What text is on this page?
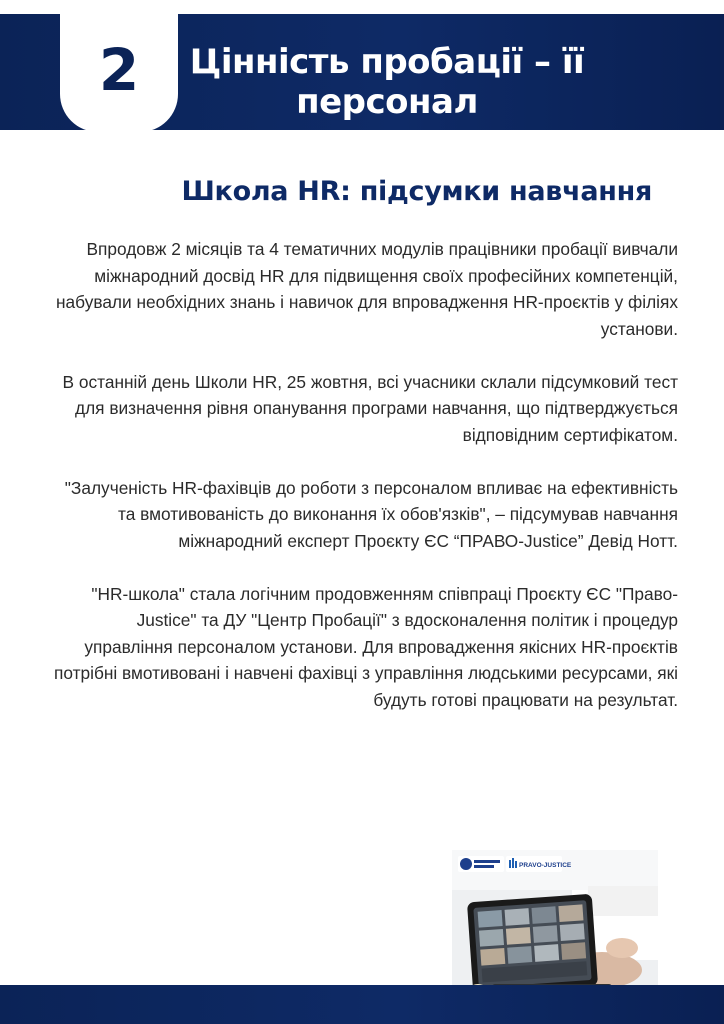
2 Цінність пробації – її персонал
Школа HR: підсумки навчання

Впродовж 2 місяців та 4 тематичних модулів працівники пробації вивчали міжнародний досвід HR для підвищення своїх професійних компетенцій, набували необхідних знань і навичок для впровадження HR-проєктів у філіях установи.

В останній день Школи HR, 25 жовтня, всі учасники склали підсумковий тест для визначення рівня опанування програми навчання, що підтверджується відповідним сертифікатом.

"Залученість HR-фахівців до роботи з персоналом впливає на ефективність та вмотивованість до виконання їх обов'язків", – підсумував навчання міжнародний експерт Проєкту ЄС “ПРАВО-Justice” Девід Нотт.

"HR-школа" стала логічним продовженням співпраці Проєкту ЄС "Право-Justice" та ДУ "Центр Пробації" з вдосконалення політик і процедур управління персоналом установи. Для впровадження якісних HR-проєктів потрібні вмотивовані і навчені фахівці з управління людськими ресурсами, які будуть готові працювати на результат.

PRAVO-JUSTICE
